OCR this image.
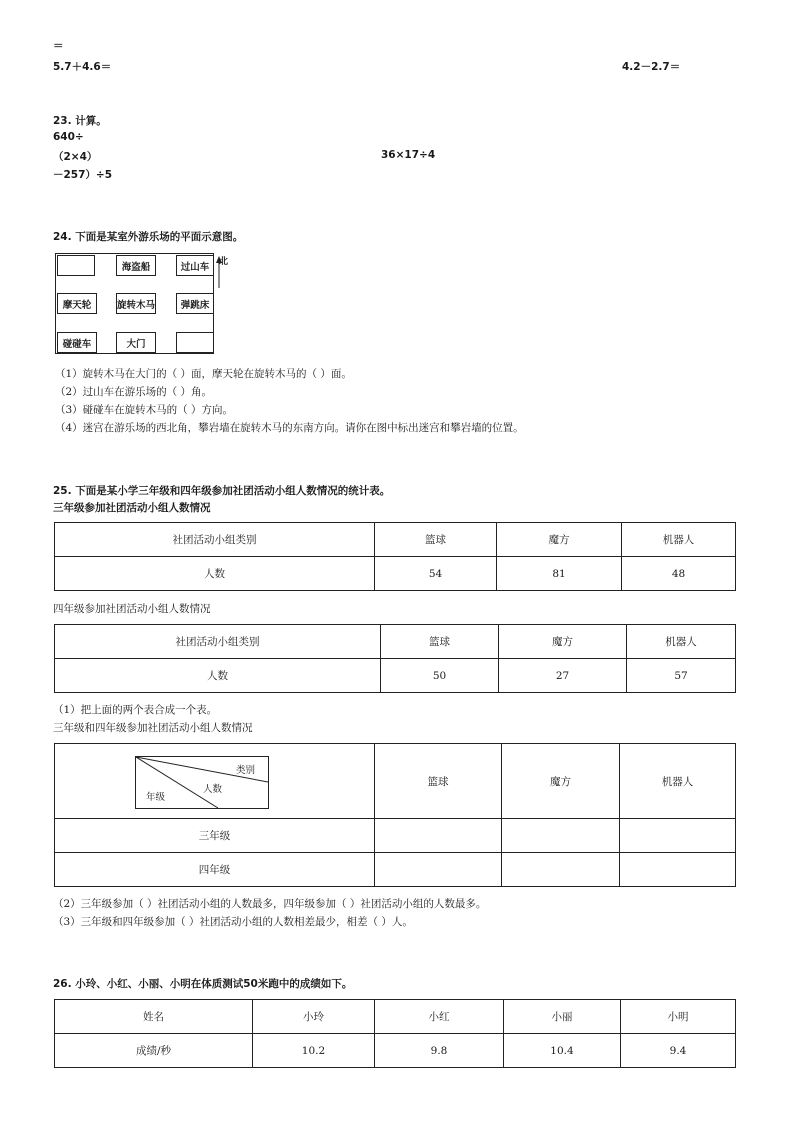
＝
5.7＋4.6＝	4.2－2.7＝
23. 计算。
640÷
（2×4）	36×17÷4
－257）÷5
24. 下面是某室外游乐场的平面示意图。
海盗船	过山车
摩天轮	旋转木马	弹跳床
碰碰车	大门
北
（1）旋转木马在大门的（ ）面，摩天轮在旋转木马的（ ）面。
（2）过山车在游乐场的（ ）角。
（3）碰碰车在旋转木马的（ ）方向。
（4）迷宫在游乐场的西北角，攀岩墙在旋转木马的东南方向。请你在图中标出迷宫和攀岩墙的位置。
25. 下面是某小学三年级和四年级参加社团活动小组人数情况的统计表。
三年级参加社团活动小组人数情况
社团活动小组类别	篮球	魔方	机器人
人数	54	81	48
四年级参加社团活动小组人数情况
社团活动小组类别	篮球	魔方	机器人
人数	50	27	57
（1）把上面的两个表合成一个表。
三年级和四年级参加社团活动小组人数情况
类别
人数
年级	篮球	魔方	机器人
三年级			
四年级			
（2）三年级参加（ ）社团活动小组的人数最多，四年级参加（ ）社团活动小组的人数最多。
（3）三年级和四年级参加（ ）社团活动小组的人数相差最少，相差（ ）人。
26. 小玲、小红、小丽、小明在体质测试50米跑中的成绩如下。
姓名	小玲	小红	小丽	小明
成绩/秒	10.2	9.8	10.4	9.4
